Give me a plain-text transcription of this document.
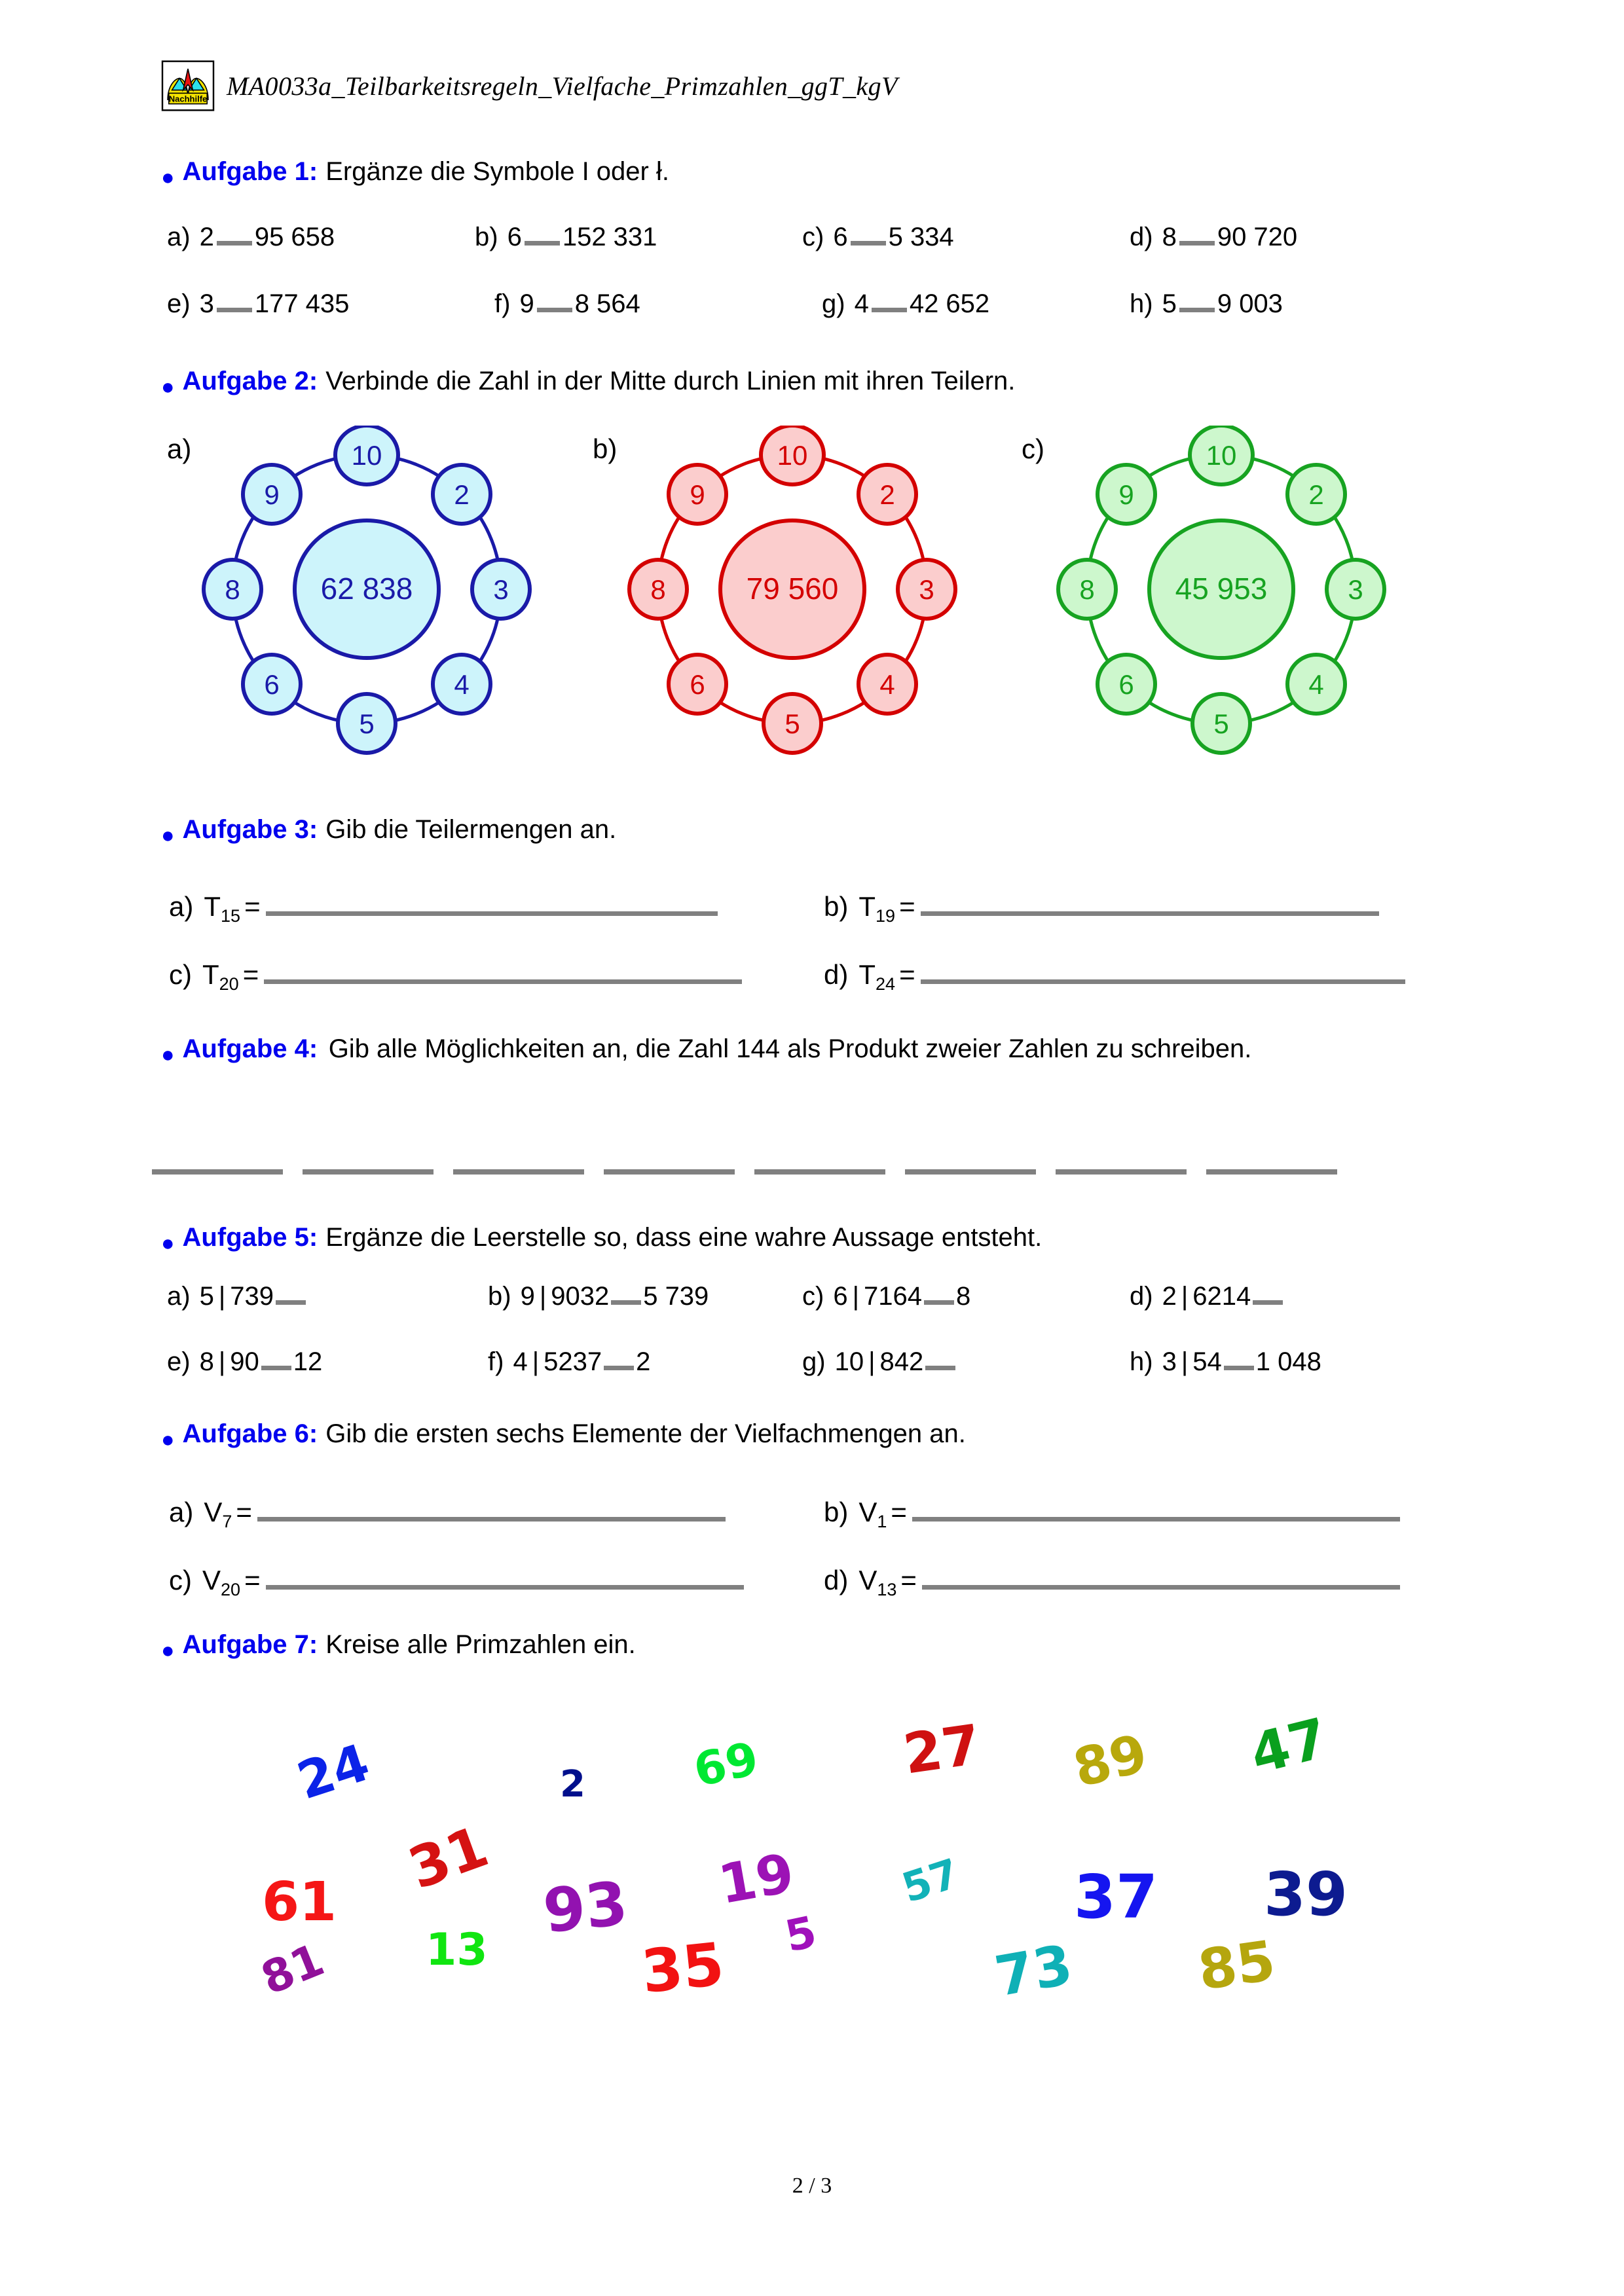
Nachhilfe MA0033a_Teilbarkeitsregeln_Vielfache_Primzahlen_ggT_kgV
● Aufgabe 1: Ergänze die Symbole I oder ł.
a) 2 95 658	b) 6 152 331	c) 6 5 334	d) 8 90 720
e) 3 177 435	f) 9 8 564	g) 4 42 652	h) 5 9 003
● Aufgabe 2: Verbinde die Zahl in der Mitte durch Linien mit ihren Teilern.
a)
62 838
10
2
3
4
5
6
8
9
b)
79 560
10
2
3
4
5
6
8
9
c)
45 953
10
2
3
4
5
6
8
9
● Aufgabe 3: Gib die Teilermengen an.
a) T 15 =	b) T 19 =
c) T 20 =	d) T 24 =
● Aufgabe 4: Gib alle Möglichkeiten an, die Zahl 144 als Produkt zweier Zahlen zu schreiben.
● Aufgabe 5: Ergänze die Leerstelle so, dass eine wahre Aussage entsteht.
a) 5 | 739	b) 9 | 9032 5 739	c) 6 | 7164 8	d) 2 | 6214
e) 8 | 90 12	f) 4 | 5237 2	g) 10 | 842	h) 3 | 54 1 048
● Aufgabe 6: Gib die ersten sechs Elemente der Vielfachmengen an.
a) V 7 =	b) V 1 =
c) V 20 =	d) V 13 =
● Aufgabe 7: Kreise alle Primzahlen ein.
24	2 69 27 89 47
31
61	93 19 57 37 39
13	5
81	35	73 85
2 / 3
